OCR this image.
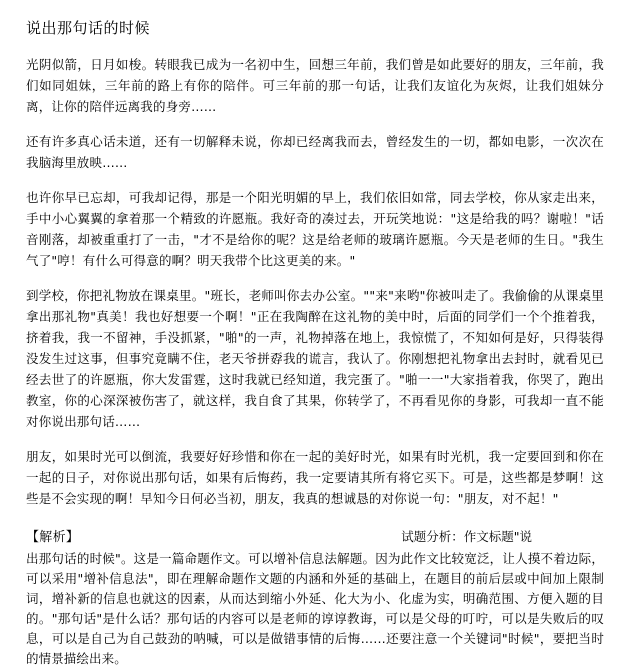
说出那句话的时候

光阴似箭，日月如梭。转眼我已成为一名初中生，回想三年前，我们曾是如此要好的朋友，三年前，我们如同姐妹，三年前的路上有你的陪伴。可三年前的那一句话，让我们友谊化为灰烬，让我们姐妹分离，让你的陪伴远离我的身旁……

还有许多真心话未道，还有一切解释未说，你却已经离我而去，曾经发生的一切，都如电影，一次次在我脑海里放映……

也许你早已忘却，可我却记得，那是一个阳光明媚的早上，我们依旧如常，同去学校，你从家走出来，手中小心翼翼的拿着那一个精致的许愿瓶。我好奇的凑过去，开玩笑地说："这是给我的吗？谢啦！"话音刚落，却被重重打了一击，"才不是给你的呢？这是给老师的玻璃许愿瓶。今天是老师的生日。"我生气了"哼！有什么可得意的啊？明天我带个比这更美的来。"

到学校，你把礼物放在课桌里。"班长，老师叫你去办公室。""来"来哟"你被叫走了。我偷偷的从课桌里拿出那礼物"真美！我也好想要一个啊！"正在我陶醉在这礼物的美中时，后面的同学们一个个推着我，挤着我，我一不留神，手没抓紧，"啪"的一声，礼物掉落在地上，我惊慌了，不知如何是好，只得装得没发生过这事，但事究竟瞒不住，老天爷拼孬我的谎言，我认了。你刚想把礼物拿出去封时，就看见已经去世了的许愿瓶，你大发雷霆，这时我就已经知道，我完蛋了。"啪一一"大家指着我，你哭了，跑出教室，你的心深深被伤害了，就这样，我自食了其果，你转学了，不再看见你的身影，可我却一直不能对你说出那句话……

朋友，如果时光可以倒流，我要好好珍惜和你在一起的美好时光，如果有时光机，我一定要回到和你在一起的日子，对你说出那句话，如果有后悔药，我一定要请其所有将它买下。可是，这些都是梦啊！这些是不会实现的啊！早知今日何必当初，朋友，我真的想诚恳的对你说一句："朋友，对不起！"

【解析】	试题分析：作文标题"说
出那句话的时候"。这是一篇命题作文。可以增补信息法解题。因为此作文比较宽泛，让人摸不着边际，可以采用"增补信息法"，即在理解命题作文题的内涵和外延的基础上，在题目的前后层或中间加上限制词，增补新的信息也就这的因素，从而达到缩小外延、化大为小、化虚为实，明确范围、方便入题的目的。"那句话"是什么话？那句话的内容可以是老师的谆谆教诲，可以是父母的叮咛，可以是失败后的叹息，可以是自己为自己鼓劲的呐喊，可以是做错事情的后悔……还要注意一个关键词"时候"，要把当时的情景描绘出来。
